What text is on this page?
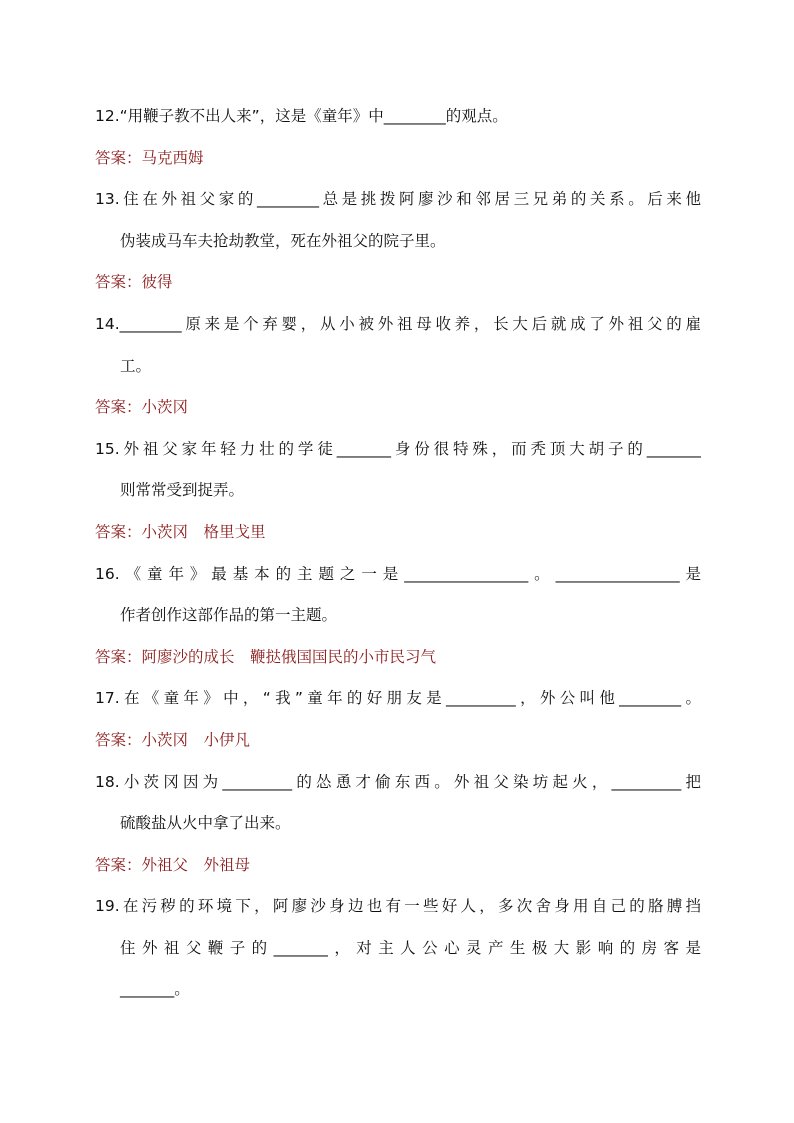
12.“用鞭子教不出人来”，这是《童年》中________的观点。
答案：马克西姆
13.住在外祖父家的________总是挑拨阿廖沙和邻居三兄弟的关系。后来他
伪装成马车夫抢劫教堂，死在外祖父的院子里。
答案：彼得
14.________原来是个弃婴，从小被外祖母收养，长大后就成了外祖父的雇
工。
答案：小茨冈
15.外祖父家年轻力壮的学徒_______身份很特殊，而秃顶大胡子的_______
则常常受到捉弄。
答案：小茨冈　格里戈里
16.《童年》最基本的主题之一是________________。________________是
作者创作这部作品的第一主题。
答案：阿廖沙的成长　鞭挞俄国国民的小市民习气
17.在《童年》中，“我”童年的好朋友是_________，外公叫他________。
答案：小茨冈　小伊凡
18.小茨冈因为_________的怂恿才偷东西。外祖父染坊起火，_________把
硫酸盐从火中拿了出来。
答案：外祖父　外祖母
19.在污秽的环境下，阿廖沙身边也有一些好人，多次舍身用自己的胳膊挡
住外祖父鞭子的_______，对主人公心灵产生极大影响的房客是
_______。
